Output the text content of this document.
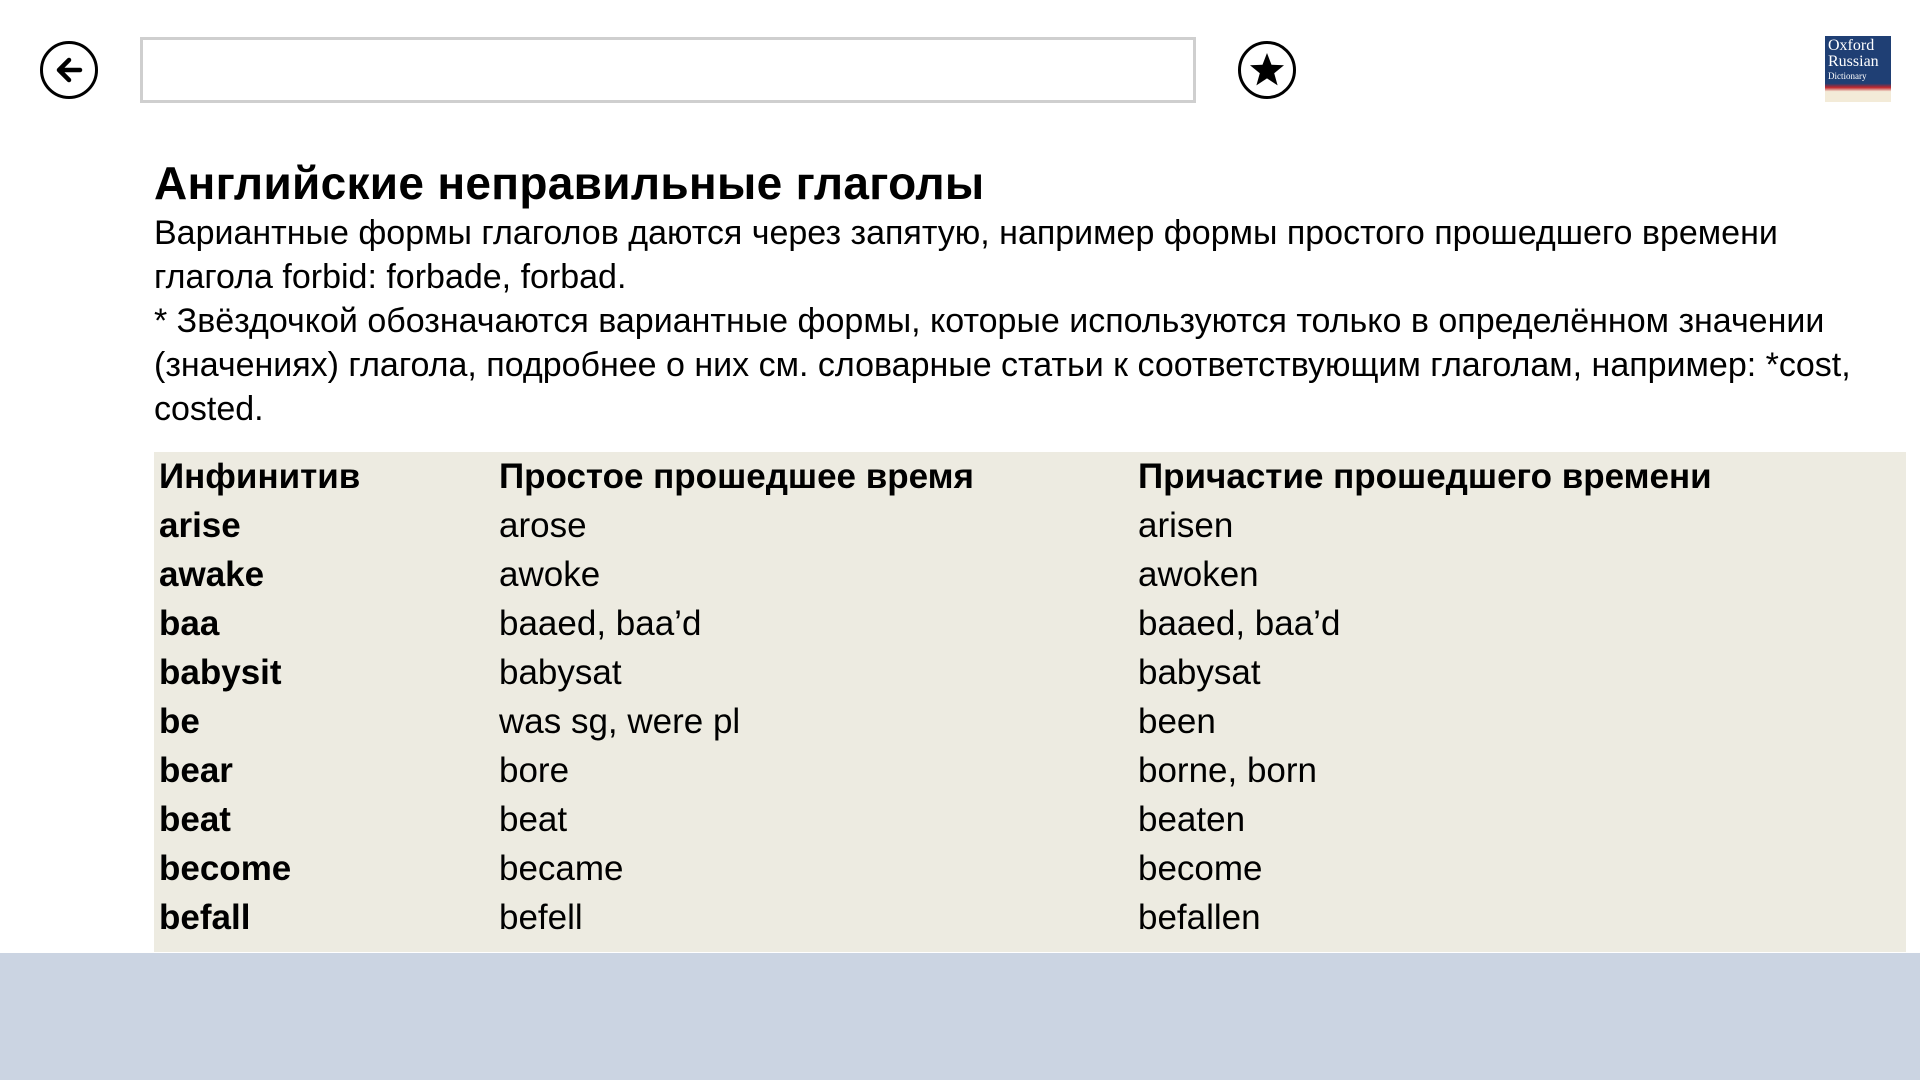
Oxford
Russian
Dictionary
Английские неправильные глаголы

Вариантные формы глаголов даются через запятую, например формы простого прошедшего времени глагола forbid: forbade, forbad.

* Звёздочкой обозначаются вариантные формы, которые используются только в определённом значении (значениях) глагола, подробнее о них см. словарные статьи к соответствующим глаголам, например: *cost, costed.

Инфинитив	Простое прошедшее время	Причастие прошедшего времени
arise	arose	arisen
awake	awoke	awoken
baa	baaed, baa’d	baaed, baa’d
babysit	babysat	babysat
be	was sg, were pl	been
bear	bore	borne, born
beat	beat	beaten
become	became	become
befall	befell	befallen
